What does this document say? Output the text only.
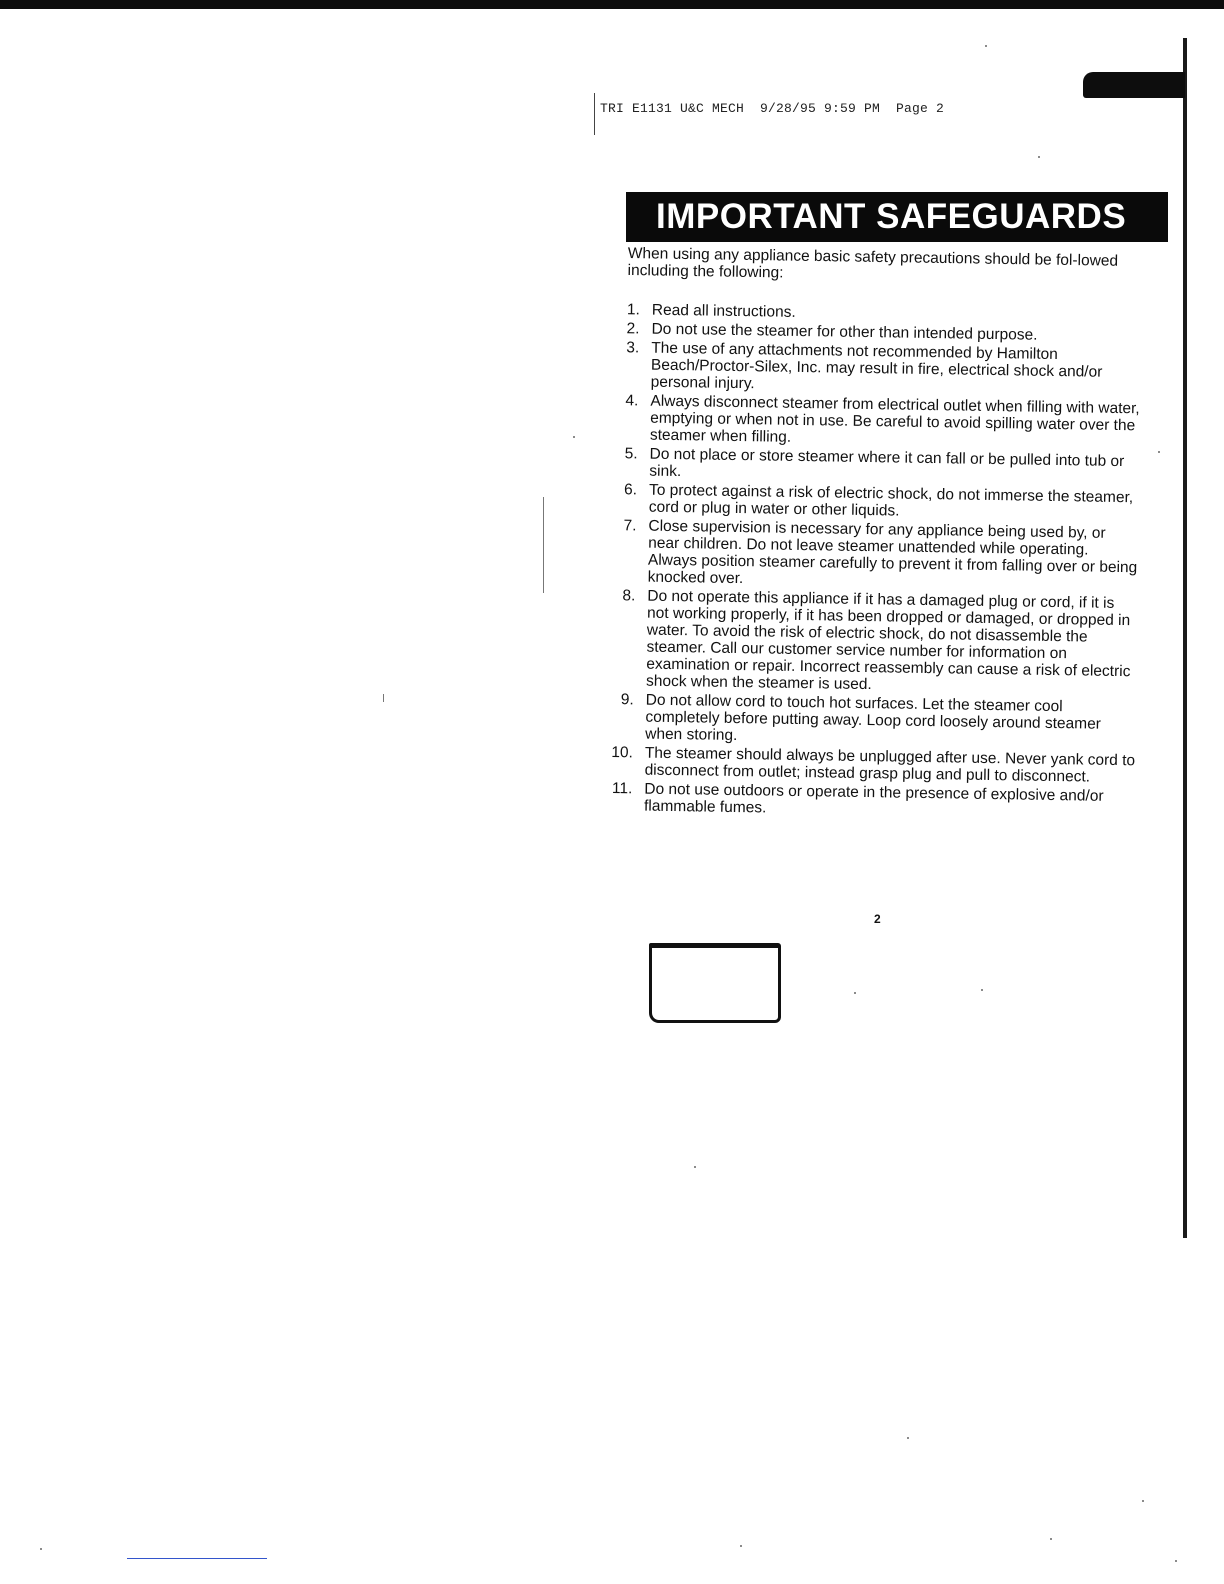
TRI E1131 U&C MECH  9/28/95 9:59 PM  Page 2
IMPORTANT SAFEGUARDS

When using any appliance basic safety precautions should be fol-lowed including the following:

1. Read all instructions.
2. Do not use the steamer for other than intended purpose.
3. The use of any attachments not recommended by Hamilton Beach/Proctor-Silex, Inc. may result in fire, electrical shock and/or personal injury.
4. Always disconnect steamer from electrical outlet when filling with water, emptying or when not in use. Be careful to avoid spilling water over the steamer when filling.
5. Do not place or store steamer where it can fall or be pulled into tub or sink.
6. To protect against a risk of electric shock, do not immerse the steamer, cord or plug in water or other liquids.
7. Close supervision is necessary for any appliance being used by, or near children. Do not leave steamer unattended while operating. Always position steamer carefully to prevent it from falling over or being knocked over.
8. Do not operate this appliance if it has a damaged plug or cord, if it is not working properly, if it has been dropped or damaged, or dropped in water. To avoid the risk of electric shock, do not disassemble the steamer. Call our customer service number for information on examination or repair. Incorrect reassembly can cause a risk of electric shock when the steamer is used.
9. Do not allow cord to touch hot surfaces. Let the steamer cool completely before putting away. Loop cord loosely around steamer when storing.
10. The steamer should always be unplugged after use. Never yank cord to disconnect from outlet; instead grasp plug and pull to disconnect.
11. Do not use outdoors or operate in the presence of explosive and/or flammable fumes.
2
